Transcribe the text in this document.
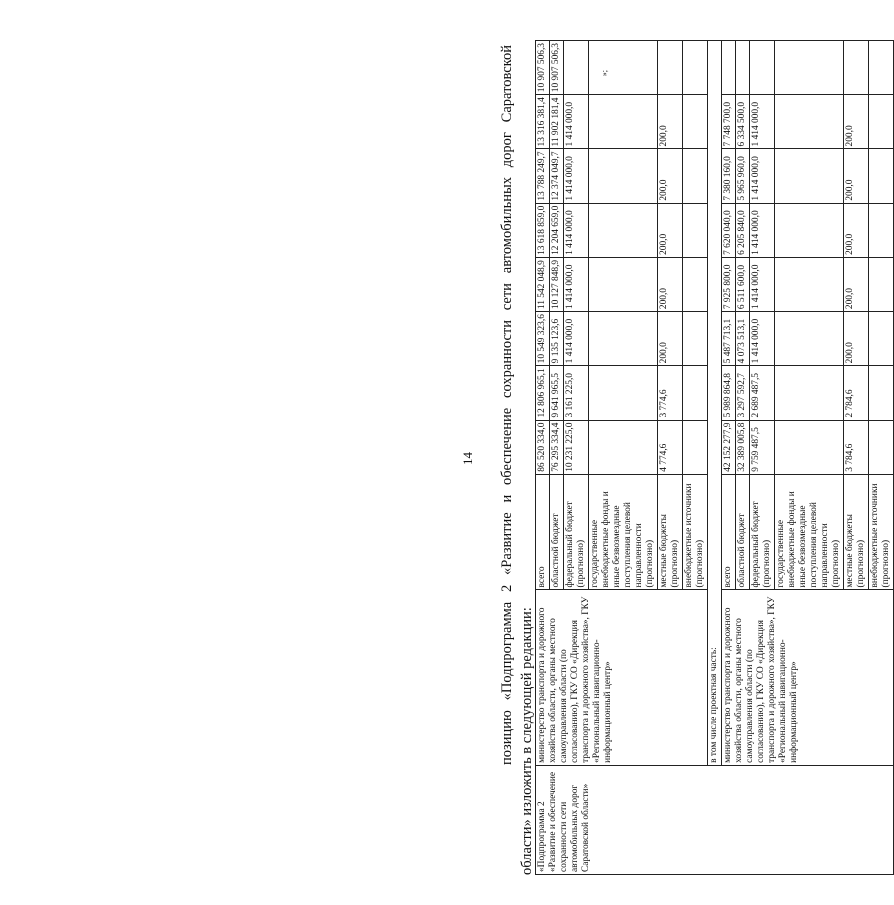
14 позицию «Подпрограмма 2 «Развитие и обеспечение сохранности сети автомобильных дорог Саратовской области» изложить в следующей редакции: «Подпрограмма 2 «Развитие и обеспечение сохранности сети автомобильных дорог Саратовской области»	министерство транспорта и дорожного хозяйства области, органы местного самоуправления области (по согласованию), ГКУ СО «Дирекция транспорта и дорожного хозяйства», ГКУ «Региональный навигационно-информационный центр»	всего	86 520 334,0	12 806 965,1	10 549 323,6	11 542 048,9	13 618 859,0	13 788 249,7	13 316 381,4	10 907 506,3
		областной бюджет	76 295 334,4	9 641 965,5	9 135 123,6	10 127 848,9	12 204 659,0	12 374 049,7	11 902 181,4	10 907 506,3
		федеральный бюджет (прогнозно)	10 231 225,0	3 161 225,0	1 414 000,0	1 414 000,0	1 414 000,0	1 414 000,0	1 414 000,0	
		государственные внебюджетные фонды и иные безвозмездные поступления целевой направленности (прогнозно)								
		местные бюджеты (прогнозно)	4 774,6	3 774,6	200,0	200,0	200,0	200,0	200,0	
		внебюджетные источники (прогнозно)								
	в том числе проектная часть:									
	министерство транспорта и дорожного хозяйства области, органы местного самоуправления области (по согласованию), ГКУ СО «Дирекция транспорта и дорожного хозяйства», ГКУ «Региональный навигационно-информационный центр»	всего	42 152 277,9	5 989 864,8	5 487 713,1	7 925 800,0	7 620 040,0	7 380 160,0	7 748 700,0	
		областной бюджет	32 389 005,8	3 297 592,7	4 073 513,1	6 511 600,0	6 205 840,0	5 965 960,0	6 334 500,0	
		федеральный бюджет (прогнозно)	9 759 487,5	2 689 487,5	1 414 000,0	1 414 000,0	1 414 000,0	1 414 000,0	1 414 000,0	
		государственные внебюджетные фонды и иные безвозмездные поступления целевой направленности (прогнозно)								
		местные бюджеты (прогнозно)	3 784,6	2 784,6	200,0	200,0	200,0	200,0	200,0	
		внебюджетные источники (прогнозно)								
»;
